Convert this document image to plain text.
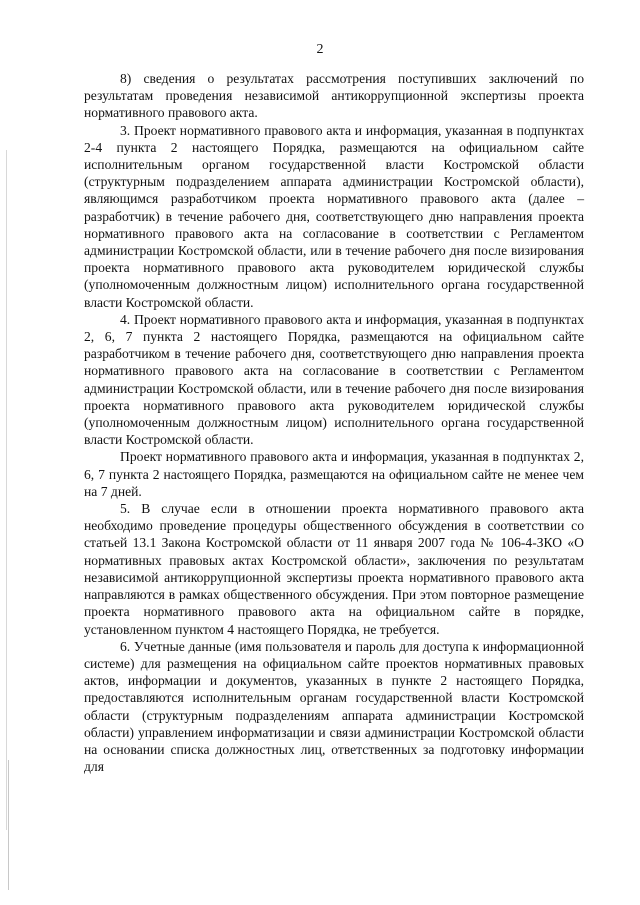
2

8) сведения о результатах рассмотрения поступивших заключений по результатам проведения независимой антикоррупционной экспертизы проекта нормативного правового акта.

3. Проект нормативного правового акта и информация, указанная в подпунктах 2-4 пункта 2 настоящего Порядка, размещаются на официальном сайте исполнительным органом государственной власти Костромской области (структурным подразделением аппарата администрации Костромской области), являющимся разработчиком проекта нормативного правового акта (далее – разработчик) в течение рабочего дня, соответствующего дню направления проекта нормативного правового акта на согласование в соответствии с Регламентом администрации Костромской области, или в течение рабочего дня после визирования проекта нормативного правового акта руководителем юридической службы (уполномоченным должностным лицом) исполнительного органа государственной власти Костромской области.

4. Проект нормативного правового акта и информация, указанная в подпунктах 2, 6, 7 пункта 2 настоящего Порядка, размещаются на официальном сайте разработчиком в течение рабочего дня, соответствующего дню направления проекта нормативного правового акта на согласование в соответствии с Регламентом администрации Костромской области, или в течение рабочего дня после визирования проекта нормативного правового акта руководителем юридической службы (уполномоченным должностным лицом) исполнительного органа государственной власти Костромской области.

Проект нормативного правового акта и информация, указанная в подпунктах 2, 6, 7 пункта 2 настоящего Порядка, размещаются на официальном сайте не менее чем на 7 дней.

5. В случае если в отношении проекта нормативного правового акта необходимо проведение процедуры общественного обсуждения в соответствии со статьей 13.1 Закона Костромской области от 11 января 2007 года № 106-4-ЗКО «О нормативных правовых актах Костромской области», заключения по результатам независимой антикоррупционной экспертизы проекта нормативного правового акта направляются в рамках общественного обсуждения. При этом повторное размещение проекта нормативного правового акта на официальном сайте в порядке, установленном пунктом 4 настоящего Порядка, не требуется.

6. Учетные данные (имя пользователя и пароль для доступа к информационной системе) для размещения на официальном сайте проектов нормативных правовых актов, информации и документов, указанных в пункте 2 настоящего Порядка, предоставляются исполнительным органам государственной власти Костромской области (структурным подразделениям аппарата администрации Костромской области) управлением информатизации и связи администрации Костромской области на основании списка должностных лиц, ответственных за подготовку информации для
